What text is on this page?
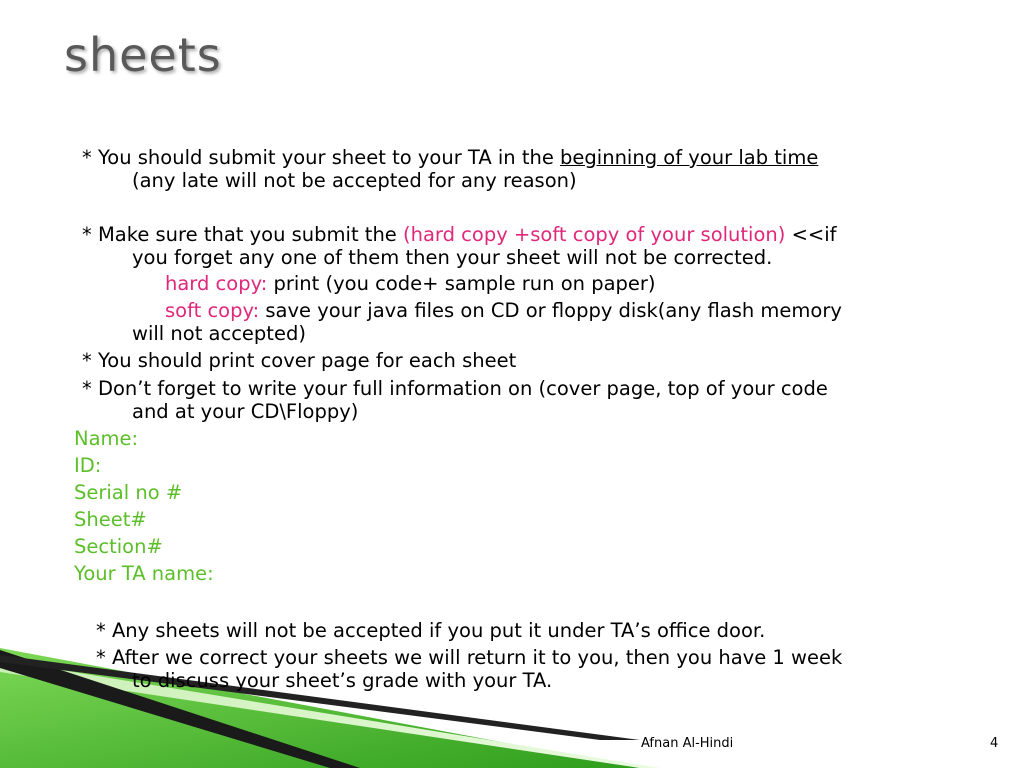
sheets

* You should submit your sheet to your TA in the beginning of your lab time

(any late will not be accepted for any reason)

* Make sure that you submit the (hard copy +soft copy of your solution) <<if

you forget any one of them then your sheet will not be corrected.

hard copy: print (you code+ sample run on paper)

soft copy: save your java files on CD or floppy disk(any flash memory

will not accepted)

* You should print cover page for each sheet

* Don’t forget to write your full information on (cover page, top of your code

and at your CD\Floppy)

Name:

ID:

Serial no #

Sheet#

Section#

Your TA name:

* Any sheets will not be accepted if you put it under TA’s office door.

* After we correct your sheets we will return it to you, then you have 1 week

to discuss your sheet’s grade with your TA.

Afnan Al-Hindi	4
